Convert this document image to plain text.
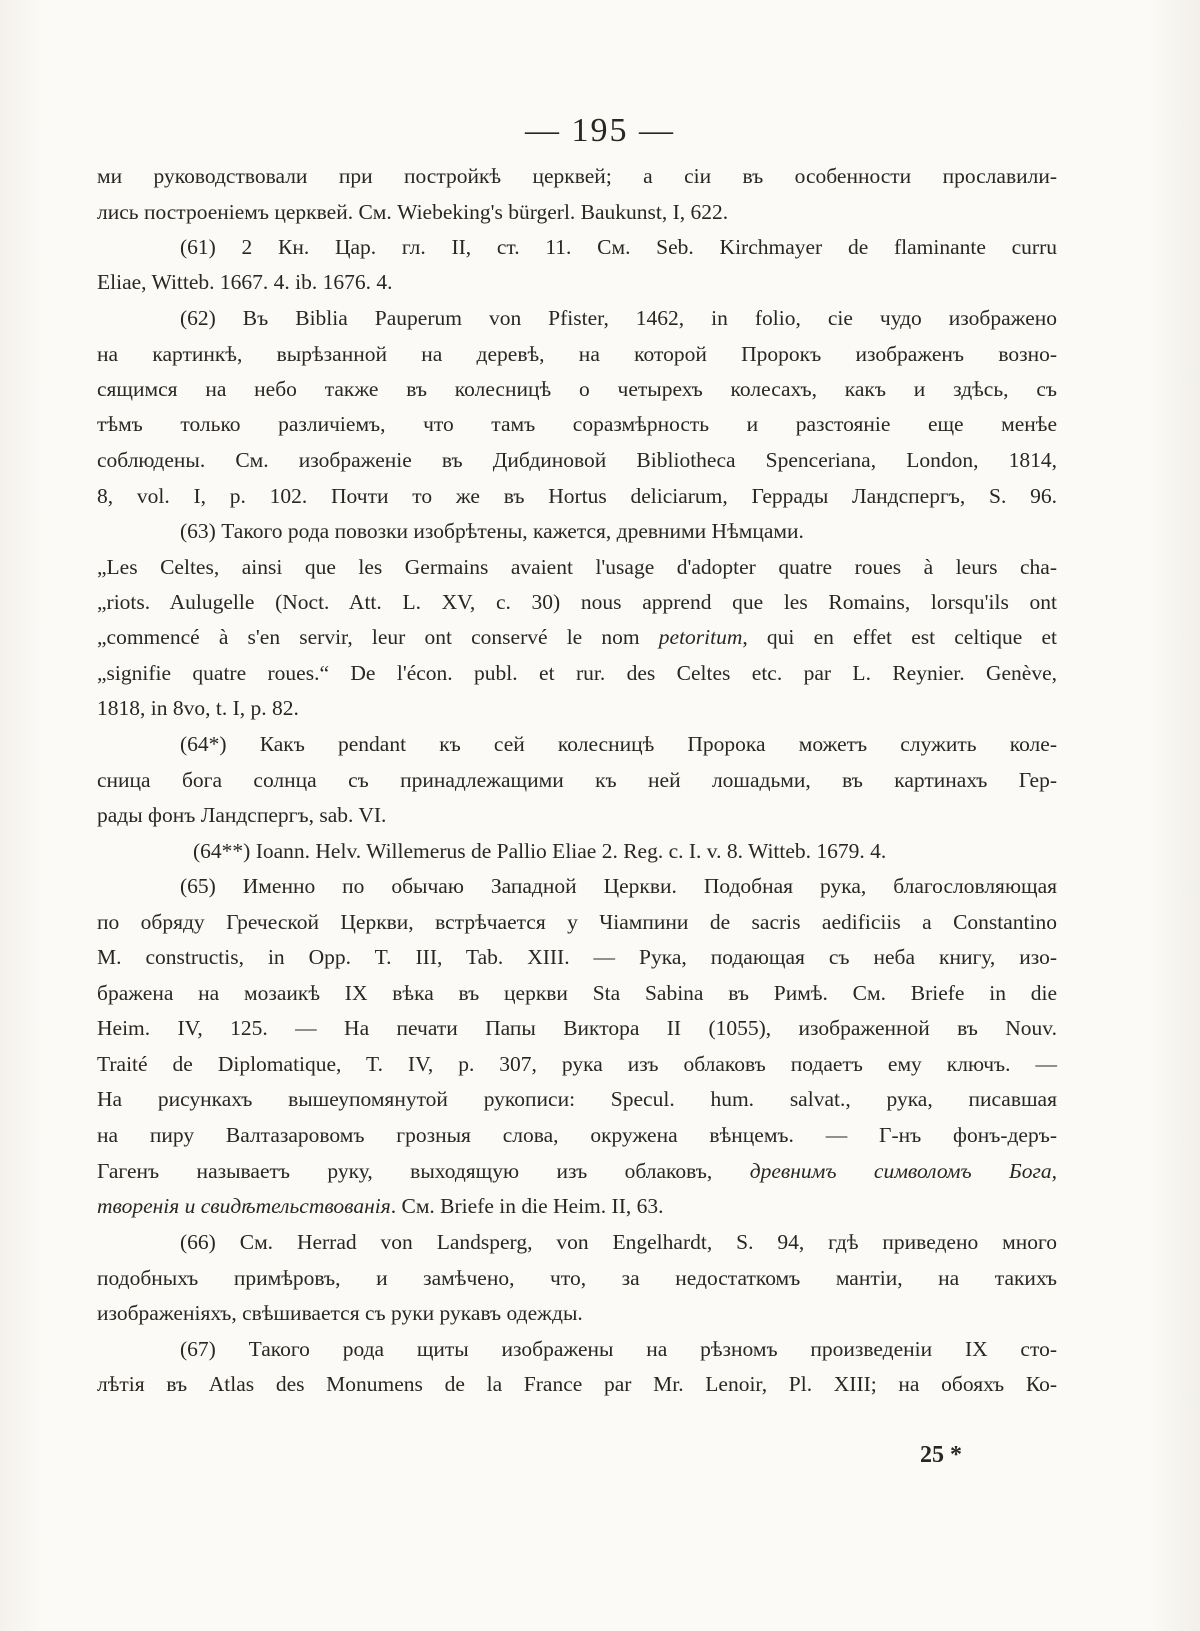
— 195 —
ми руководствовали при постройкѣ церквей; а сіи въ особенности прославили-
лись построеніемъ церквей. См. Wiebeking's bürgerl. Baukunst, I, 622.
(61) 2 Кн. Цар. гл. II, ст. 11. См. Seb. Kirchmayer de flaminante curru
Eliae, Witteb. 1667. 4. ib. 1676. 4.
(62) Въ Biblia Pauperum von Pfister, 1462, in folio, сіе чудо изображено
на картинкѣ, вырѣзанной на деревѣ, на которой Пророкъ изображенъ возно-
сящимся на небо также въ колесницѣ о четырехъ колесахъ, какъ и здѣсь, съ
тѣмъ только различіемъ, что тамъ соразмѣрность и разстояніе еще менѣе
соблюдены. См. изображеніе въ Дибдиновой Bibliotheca Spenceriana, London, 1814,
8, vol. I, p. 102. Почти то же въ Hortus deliciarum, Геррады Ландспергъ, S. 96.
(63) Такого рода повозки изобрѣтены, кажется, древними Нѣмцами.
„Les Celtes, ainsi que les Germains avaient l'usage d'adopter quatre roues à leurs cha-
„riots. Aulugelle (Noct. Att. L. XV, c. 30) nous apprend que les Romains, lorsqu'ils ont
„commencé à s'en servir, leur ont conservé le nom petoritum, qui en effet est celtique et
„signifie quatre roues.“ De l'écon. publ. et rur. des Celtes etc. par L. Reynier. Genève,
1818, in 8vo, t. I, p. 82.
(64*) Какъ pendant къ сей колесницѣ Пророка можетъ служить коле-
сница бога солнца съ принадлежащими къ ней лошадьми, въ картинахъ Гер-
рады фонъ Ландспергъ, sab. VI.
(64**) Ioann. Helv. Willemerus de Pallio Eliae 2. Reg. c. I. v. 8. Witteb. 1679. 4.
(65) Именно по обычаю Западной Церкви. Подобная рука, благословляющая
по обряду Греческой Церкви, встрѣчается у Чіампини de sacris aedificiis a Constantino
M. constructis, in Opp. T. III, Tab. XIII. — Рука, подающая съ неба книгу, изо-
бражена на мозаикѣ IX вѣка въ церкви Sta Sabina въ Римѣ. См. Briefe in die
Heim. IV, 125. — На печати Папы Виктора II (1055), изображенной въ Nouv.
Traité de Diplomatique, T. IV, p. 307, рука изъ облаковъ подаетъ ему ключъ. —
На рисункахъ вышеупомянутой рукописи: Specul. hum. salvat., рука, писавшая
на пиру Валтазаровомъ грозныя слова, окружена вѣнцемъ. — Г-нъ фонъ-деръ-
Гагенъ называетъ руку, выходящую изъ облаковъ, древнимъ символомъ Бога,
творенія и свидѣтельствованія. См. Briefe in die Heim. II, 63.
(66) См. Herrad von Landsperg, von Engelhardt, S. 94, гдѣ приведено много
подобныхъ примѣровъ, и замѣчено, что, за недостаткомъ мантіи, на такихъ
изображеніяхъ, свѣшивается съ руки рукавъ одежды.
(67) Такого рода щиты изображены на рѣзномъ произведеніи IX сто-
лѣтія въ Atlas des Monumens de la France par Mr. Lenoir, Pl. XIII; на обояхъ Ко-
25 *
